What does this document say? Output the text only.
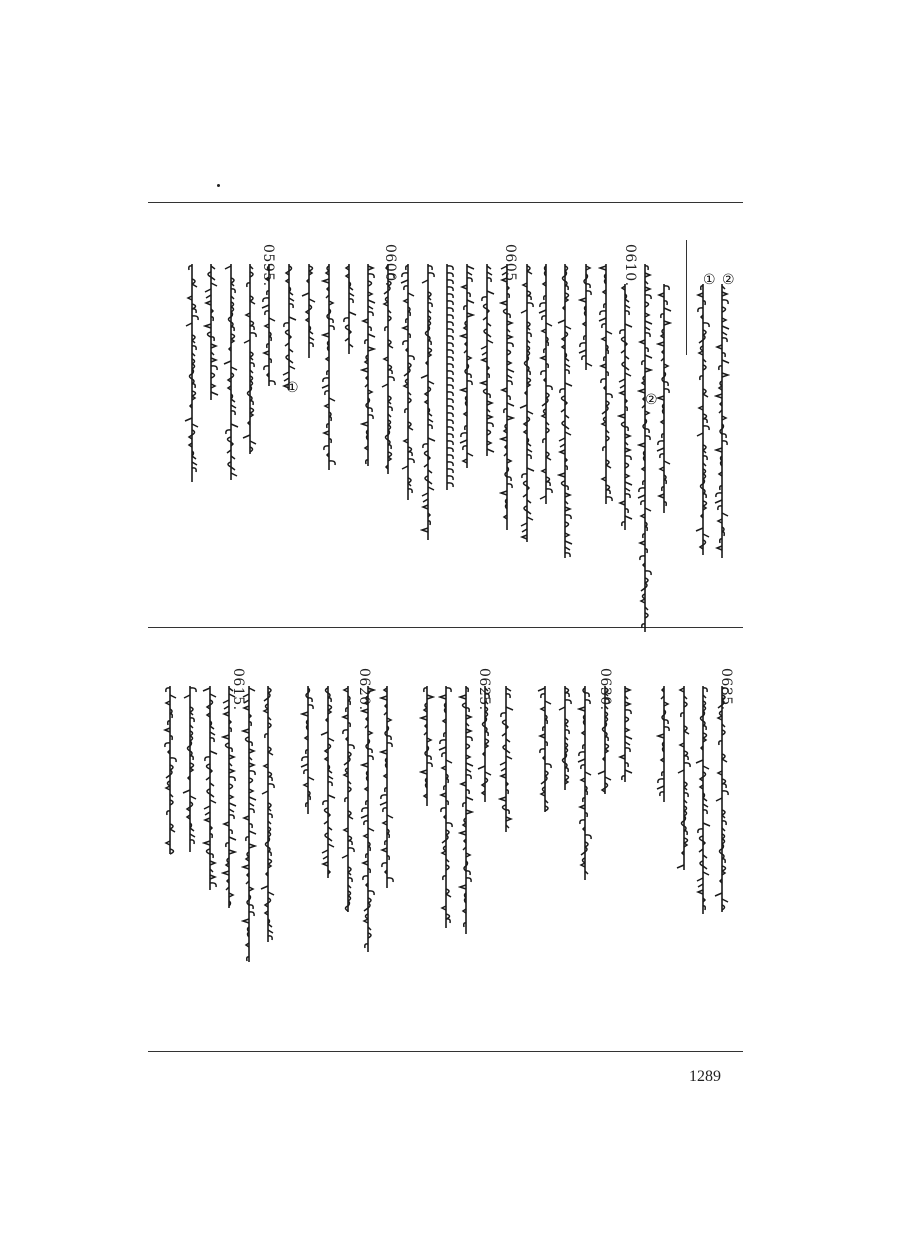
① ②
0610.
0605.
0600.
0595.
0635.
0630.
0625.
0620.
0615.
②
①
1289
